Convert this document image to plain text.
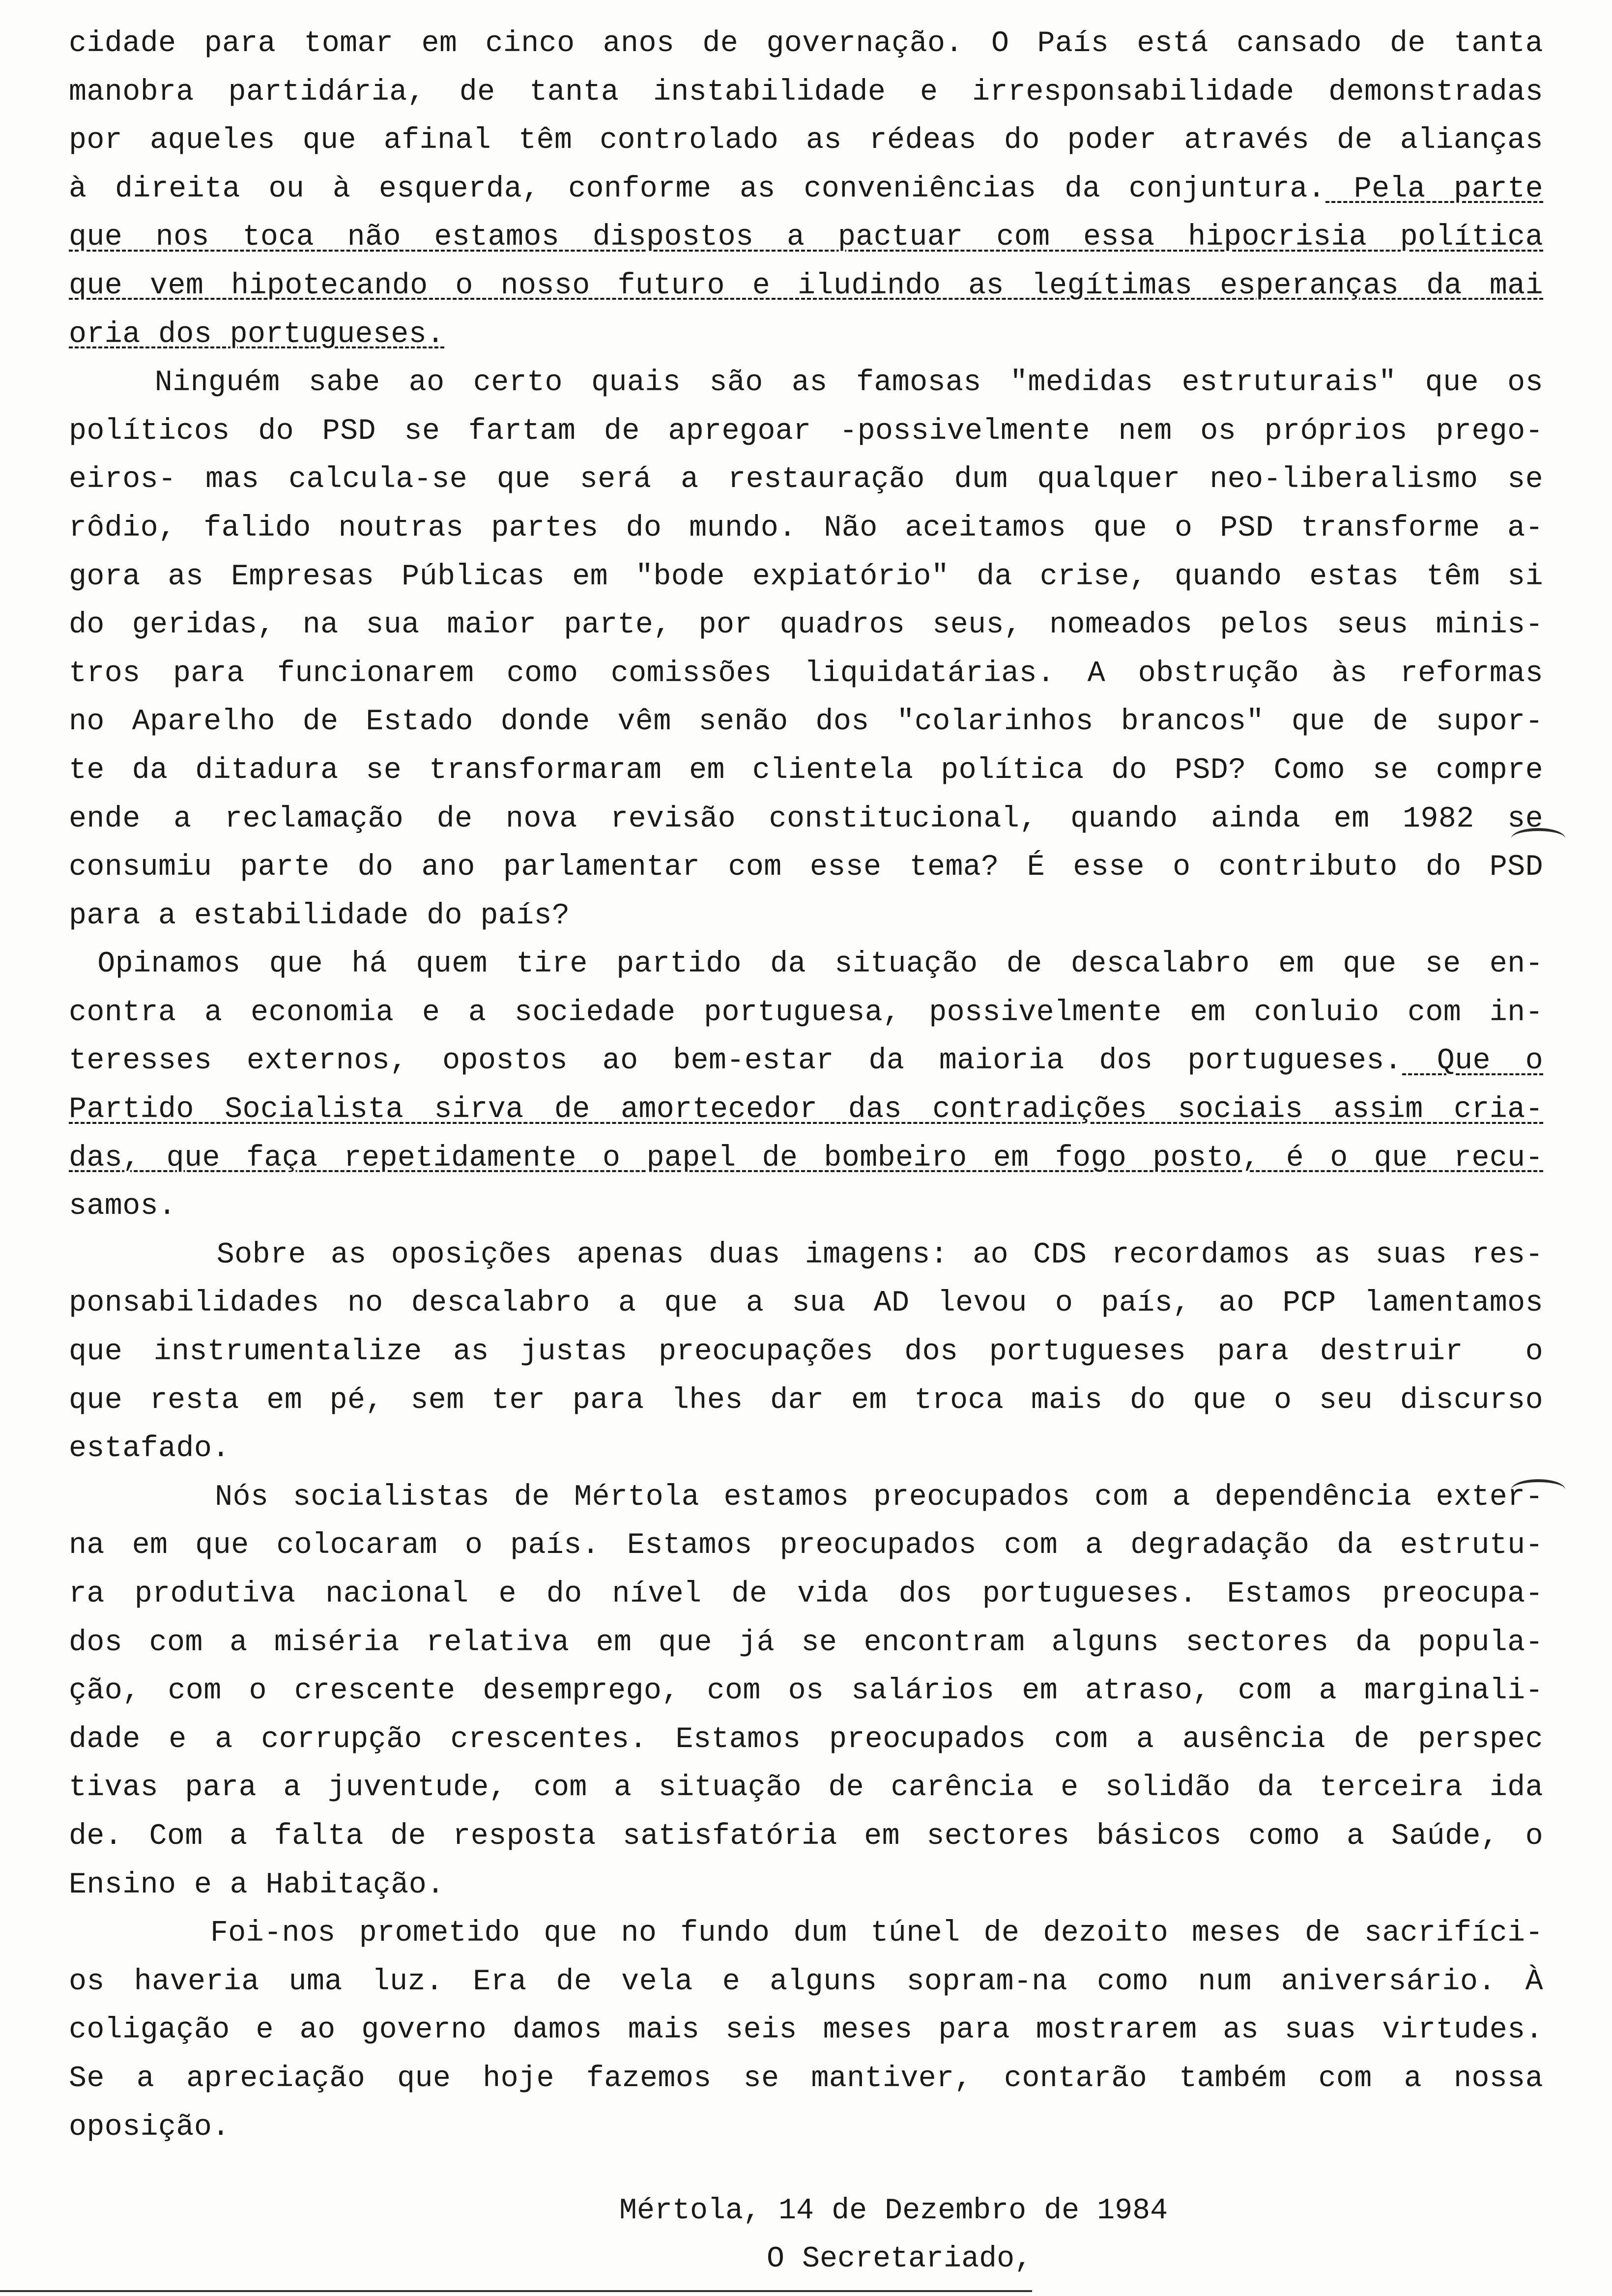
cidade para tomar em cinco anos de governação. O País está cansado de tanta
manobra partidária, de tanta instabilidade e irresponsabilidade demonstradas
por aqueles que afinal têm controlado as rédeas do poder através de alianças
à direita ou à esquerda, conforme as conveniências da conjuntura. Pela parte
que nos toca não estamos dispostos a pactuar com essa hipocrisia política
que vem hipotecando o nosso futuro e iludindo as legítimas esperanças da mai
oria dos portugueses.
Ninguém sabe ao certo quais são as famosas "medidas estruturais" que os
políticos do PSD se fartam de apregoar -possivelmente nem os próprios prego-
eiros- mas calcula-se que será a restauração dum qualquer neo-liberalismo se
rôdio, falido noutras partes do mundo. Não aceitamos que o PSD transforme a-
gora as Empresas Públicas em "bode expiatório" da crise, quando estas têm si
do geridas, na sua maior parte, por quadros seus, nomeados pelos seus minis-
tros para funcionarem como comissões liquidatárias. A obstrução às reformas
no Aparelho de Estado donde vêm senão dos "colarinhos brancos" que de supor-
te da ditadura se transformaram em clientela política do PSD? Como se compre
ende a reclamação de nova revisão constitucional, quando ainda em 1982 se
consumiu parte do ano parlamentar com esse tema? É esse o contributo do PSD
para a estabilidade do país?
Opinamos que há quem tire partido da situação de descalabro em que se en-
contra a economia e a sociedade portuguesa, possivelmente em conluio com in-
teresses externos, opostos ao bem-estar da maioria dos portugueses. Que o
Partido Socialista sirva de amortecedor das contradições sociais assim cria-
das, que faça repetidamente o papel de bombeiro em fogo posto, é o que recu-
samos.
Sobre as oposições apenas duas imagens: ao CDS recordamos as suas res-
ponsabilidades no descalabro a que a sua AD levou o país, ao PCP lamentamos
que instrumentalize as justas preocupações dos portugueses para destruir  o
que resta em pé, sem ter para lhes dar em troca mais do que o seu discurso
estafado.
Nós socialistas de Mértola estamos preocupados com a dependência exter-
na em que colocaram o país. Estamos preocupados com a degradação da estrutu-
ra produtiva nacional e do nível de vida dos portugueses. Estamos preocupa-
dos com a miséria relativa em que já se encontram alguns sectores da popula-
ção, com o crescente desemprego, com os salários em atraso, com a marginali-
dade e a corrupção crescentes. Estamos preocupados com a ausência de perspec
tivas para a juventude, com a situação de carência e solidão da terceira ida
de. Com a falta de resposta satisfatória em sectores básicos como a Saúde, o
Ensino e a Habitação.
Foi-nos prometido que no fundo dum túnel de dezoito meses de sacrifíci-
os haveria uma luz. Era de vela e alguns sopram-na como num aniversário. À
coligação e ao governo damos mais seis meses para mostrarem as suas virtudes.
Se a apreciação que hoje fazemos se mantiver, contarão também com a nossa
oposição.
Mértola, 14 de Dezembro de 1984
O Secretariado,
